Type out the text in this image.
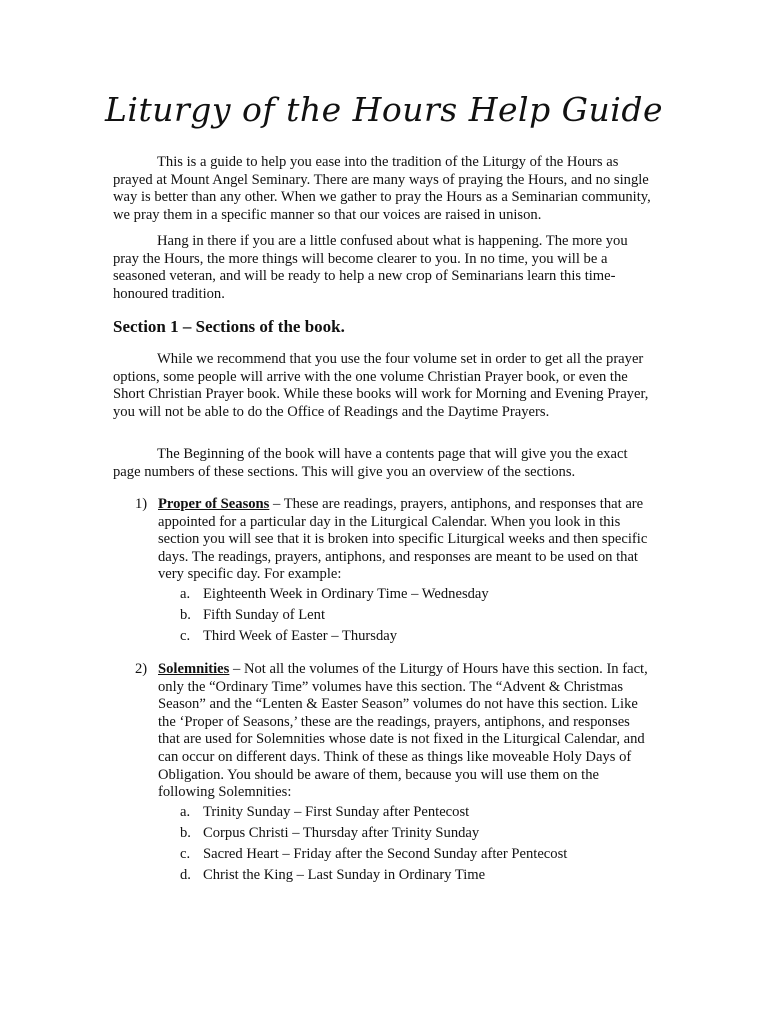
Liturgy of the Hours Help Guide

This is a guide to help you ease into the tradition of the Liturgy of the Hours as prayed at Mount Angel Seminary. There are many ways of praying the Hours, and no single way is better than any other. When we gather to pray the Hours as a Seminarian community, we pray them in a specific manner so that our voices are raised in unison.

Hang in there if you are a little confused about what is happening. The more you pray the Hours, the more things will become clearer to you. In no time, you will be a seasoned veteran, and will be ready to help a new crop of Seminarians learn this time-honoured tradition.

Section 1 – Sections of the book.

While we recommend that you use the four volume set in order to get all the prayer options, some people will arrive with the one volume Christian Prayer book, or even the Short Christian Prayer book. While these books will work for Morning and Evening Prayer, you will not be able to do the Office of Readings and the Daytime Prayers.

The Beginning of the book will have a contents page that will give you the exact page numbers of these sections. This will give you an overview of the sections.

1) Proper of Seasons – These are readings, prayers, antiphons, and responses that are appointed for a particular day in the Liturgical Calendar. When you look in this section you will see that it is broken into specific Liturgical weeks and then specific days. The readings, prayers, antiphons, and responses are meant to be used on that very specific day. For example:

a. Eighteenth Week in Ordinary Time – Wednesday
b. Fifth Sunday of Lent
c. Third Week of Easter – Thursday
2) Solemnities – Not all the volumes of the Liturgy of Hours have this section. In fact, only the “Ordinary Time” volumes have this section. The “Advent & Christmas Season” and the “Lenten & Easter Season” volumes do not have this section. Like the ‘Proper of Seasons,’ these are the readings, prayers, antiphons, and responses that are used for Solemnities whose date is not fixed in the Liturgical Calendar, and can occur on different days. Think of these as things like moveable Holy Days of Obligation. You should be aware of them, because you will use them on the following Solemnities:

a. Trinity Sunday – First Sunday after Pentecost
b. Corpus Christi – Thursday after Trinity Sunday
c. Sacred Heart – Friday after the Second Sunday after Pentecost
d. Christ the King – Last Sunday in Ordinary Time
